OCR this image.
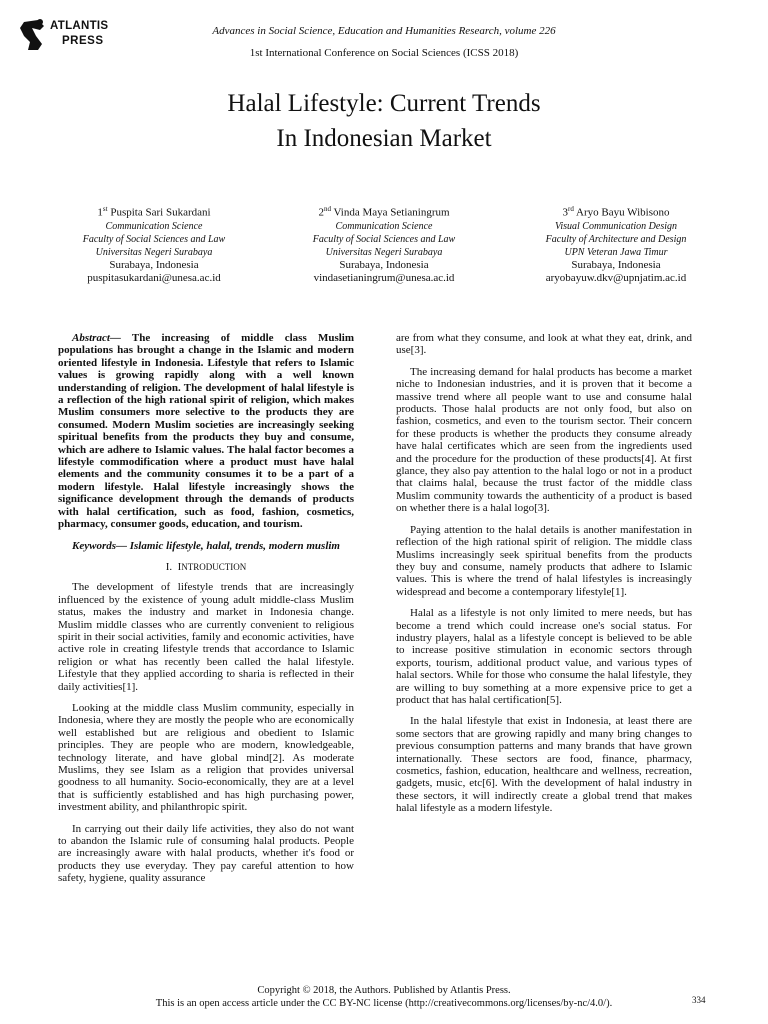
ATLANTIS
PRESS
Advances in Social Science, Education and Humanities Research, volume 226
1st International Conference on Social Sciences (ICSS 2018)
Halal Lifestyle: Current Trends
In Indonesian Market
1st Puspita Sari Sukardani
Communication Science
Faculty of Social Sciences and Law
Universitas Negeri Surabaya
Surabaya, Indonesia
puspitasukardani@unesa.ac.id
2nd Vinda Maya Setianingrum
Communication Science
Faculty of Social Sciences and Law
Universitas Negeri Surabaya
Surabaya, Indonesia
vindasetianingrum@unesa.ac.id
3rd Aryo Bayu Wibisono
Visual Communication Design
Faculty of Architecture and Design
UPN Veteran Jawa Timur
Surabaya, Indonesia
aryobayuw.dkv@upnjatim.ac.id

Abstract— The increasing of middle class Muslim populations has brought a change in the Islamic and modern oriented lifestyle in Indonesia. Lifestyle that refers to Islamic values is growing rapidly along with a well known understanding of religion. The development of halal lifestyle is a reflection of the high rational spirit of religion, which makes Muslim consumers more selective to the products they are consumed. Modern Muslim societies are increasingly seeking spiritual benefits from the products they buy and consume, which are adhere to Islamic values. The halal factor becomes a lifestyle commodification where a product must have halal elements and the community consumes it to be a part of a modern lifestyle. Halal lifestyle increasingly shows the significance development through the demands of products with halal certification, such as food, fashion, cosmetics, pharmacy, consumer goods, education, and tourism.

Keywords— Islamic lifestyle, halal, trends, modern muslim

I. INTRODUCTION

The development of lifestyle trends that are increasingly influenced by the existence of young adult middle-class Muslim status, makes the industry and market in Indonesia change. Muslim middle classes who are currently convenient to religious spirit in their social activities, family and economic activities, have active role in creating lifestyle trends that accordance to Islamic religion or what has recently been called the halal lifestyle. Lifestyle that they applied according to sharia is reflected in their daily activities[1].

Looking at the middle class Muslim community, especially in Indonesia, where they are mostly the people who are economically well established but are religious and obedient to Islamic principles. They are people who are modern, knowledgeable, technology literate, and have global mind[2]. As moderate Muslims, they see Islam as a religion that provides universal goodness to all humanity. Socio-economically, they are at a level that is sufficiently established and has high purchasing power, investment ability, and philanthropic spirit.

In carrying out their daily life activities, they also do not want to abandon the Islamic rule of consuming halal products. People are increasingly aware with halal products, whether it's food or products they use everyday. They pay careful attention to how safety, hygiene, quality assurance

are from what they consume, and look at what they eat, drink, and use[3].

The increasing demand for halal products has become a market niche to Indonesian industries, and it is proven that it become a massive trend where all people want to use and consume halal products. Those halal products are not only food, but also on fashion, cosmetics, and even to the tourism sector. Their concern for these products is whether the products they consume already have halal certificates which are seen from the ingredients used and the procedure for the production of these products[4]. At first glance, they also pay attention to the halal logo or not in a product that claims halal, because the trust factor of the middle class Muslim community towards the authenticity of a product is based on whether there is a halal logo[3].

Paying attention to the halal details is another manifestation in reflection of the high rational spirit of religion. The middle class Muslims increasingly seek spiritual benefits from the products they buy and consume, namely products that adhere to Islamic values. This is where the trend of halal lifestyles is increasingly widespread and become a contemporary lifestyle[1].

Halal as a lifestyle is not only limited to mere needs, but has become a trend which could increase one's social status. For industry players, halal as a lifestyle concept is believed to be able to increase positive stimulation in economic sectors through exports, tourism, additional product value, and various types of halal sectors. While for those who consume the halal lifestyle, they are willing to buy something at a more expensive price to get a product that has halal certification[5].

In the halal lifestyle that exist in Indonesia, at least there are some sectors that are growing rapidly and many bring changes to previous consumption patterns and many brands that have grown internationally. These sectors are food, finance, pharmacy, cosmetics, fashion, education, healthcare and wellness, recreation, gadgets, music, etc[6]. With the development of halal industry in these sectors, it will indirectly create a global trend that makes halal lifestyle as a modern lifestyle.

Copyright © 2018, the Authors. Published by Atlantis Press.
This is an open access article under the CC BY-NC license (http://creativecommons.org/licenses/by-nc/4.0/).	334
